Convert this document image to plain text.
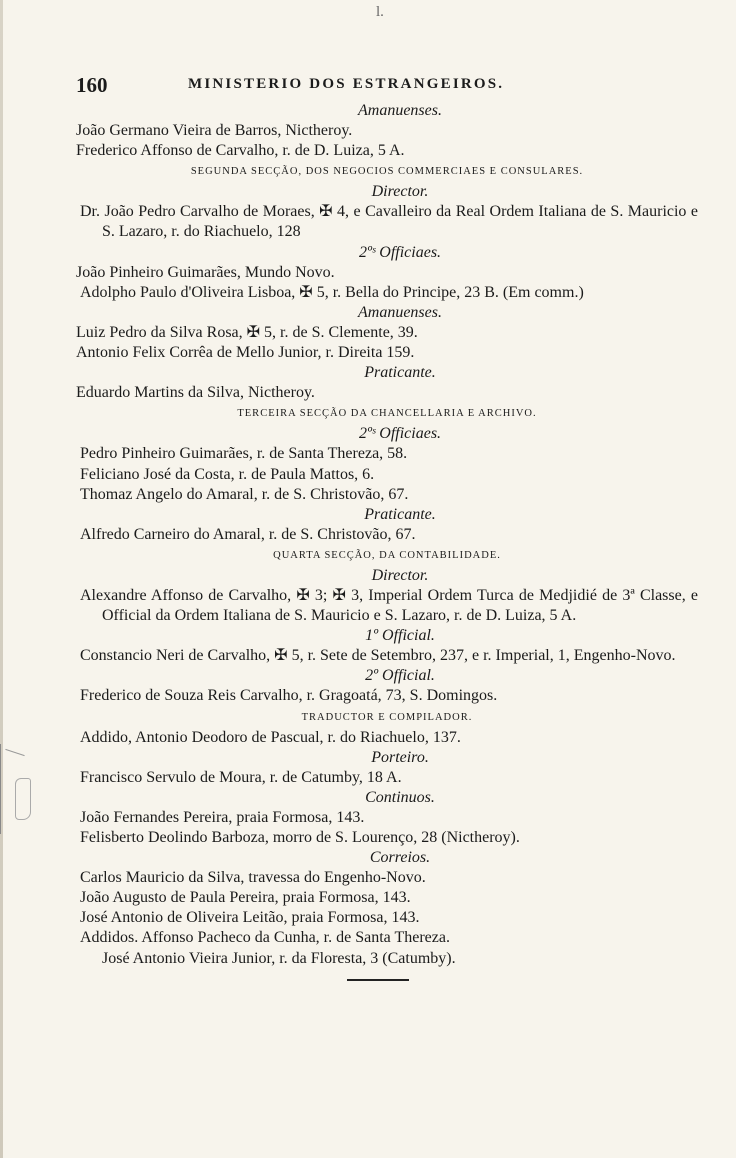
l.
160	MINISTERIO DOS ESTRANGEIROS.
Amanuenses.
João Germano Vieira de Barros, Nictheroy.
Frederico Affonso de Carvalho, r. de D. Luiza, 5 A.
SEGUNDA SECÇÃO, DOS NEGOCIOS COMMERCIAES E CONSULARES.
Director.
Dr. João Pedro Carvalho de Moraes, ✠ 4, e Cavalleiro da Real Ordem Italiana de S. Mauricio e S. Lazaro, r. do Riachuelo, 128
2ºˢ Officiaes.
João Pinheiro Guimarães, Mundo Novo.
Adolpho Paulo d'Oliveira Lisboa, ✠ 5, r. Bella do Principe, 23 B. (Em comm.)
Amanuenses.
Luiz Pedro da Silva Rosa, ✠ 5, r. de S. Clemente, 39.
Antonio Felix Corrêa de Mello Junior, r. Direita 159.
Praticante.
Eduardo Martins da Silva, Nictheroy.
TERCEIRA SECÇÃO DA CHANCELLARIA E ARCHIVO.
2ºˢ Officiaes.
Pedro Pinheiro Guimarães, r. de Santa Thereza, 58.
Feliciano José da Costa, r. de Paula Mattos, 6.
Thomaz Angelo do Amaral, r. de S. Christovão, 67.
Praticante.
Alfredo Carneiro do Amaral, r. de S. Christovão, 67.
QUARTA SECÇÃO, DA CONTABILIDADE.
Director.
Alexandre Affonso de Carvalho, ✠ 3; ✠ 3, Imperial Ordem Turca de Medjidié de 3ª Classe, e Official da Ordem Italiana de S. Mauricio e S. Lazaro, r. de D. Luiza, 5 A.
1º Official.
Constancio Neri de Carvalho, ✠ 5, r. Sete de Setembro, 237, e r. Imperial, 1, Engenho-Novo.
2º Official.
Frederico de Souza Reis Carvalho, r. Gragoatá, 73, S. Domingos.
TRADUCTOR E COMPILADOR.
Addido, Antonio Deodoro de Pascual, r. do Riachuelo, 137.
Porteiro.
Francisco Servulo de Moura, r. de Catumby, 18 A.
Continuos.
João Fernandes Pereira, praia Formosa, 143.
Felisberto Deolindo Barboza, morro de S. Lourenço, 28 (Nictheroy).
Correios.
Carlos Mauricio da Silva, travessa do Engenho-Novo.
João Augusto de Paula Pereira, praia Formosa, 143.
José Antonio de Oliveira Leitão, praia Formosa, 143.
Addidos. Affonso Pacheco da Cunha, r. de Santa Thereza.
José Antonio Vieira Junior, r. da Floresta, 3 (Catumby).
